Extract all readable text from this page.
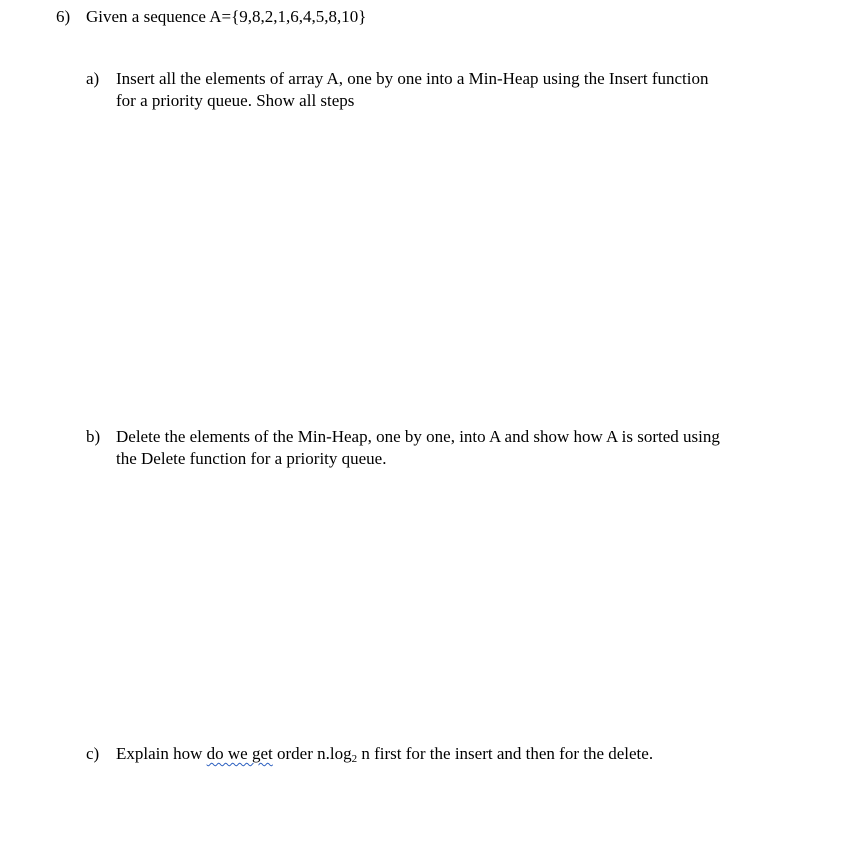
6) Given a sequence A={9,8,2,1,6,4,5,8,10}
a) Insert all the elements of array A, one by one into a Min-Heap using the Insert function
for a priority queue. Show all steps
b) Delete the elements of the Min-Heap, one by one, into A and show how A is sorted using
the Delete function for a priority queue.
c) Explain how do we get order $n.\log_2$ n first for the insert and then for the delete.
